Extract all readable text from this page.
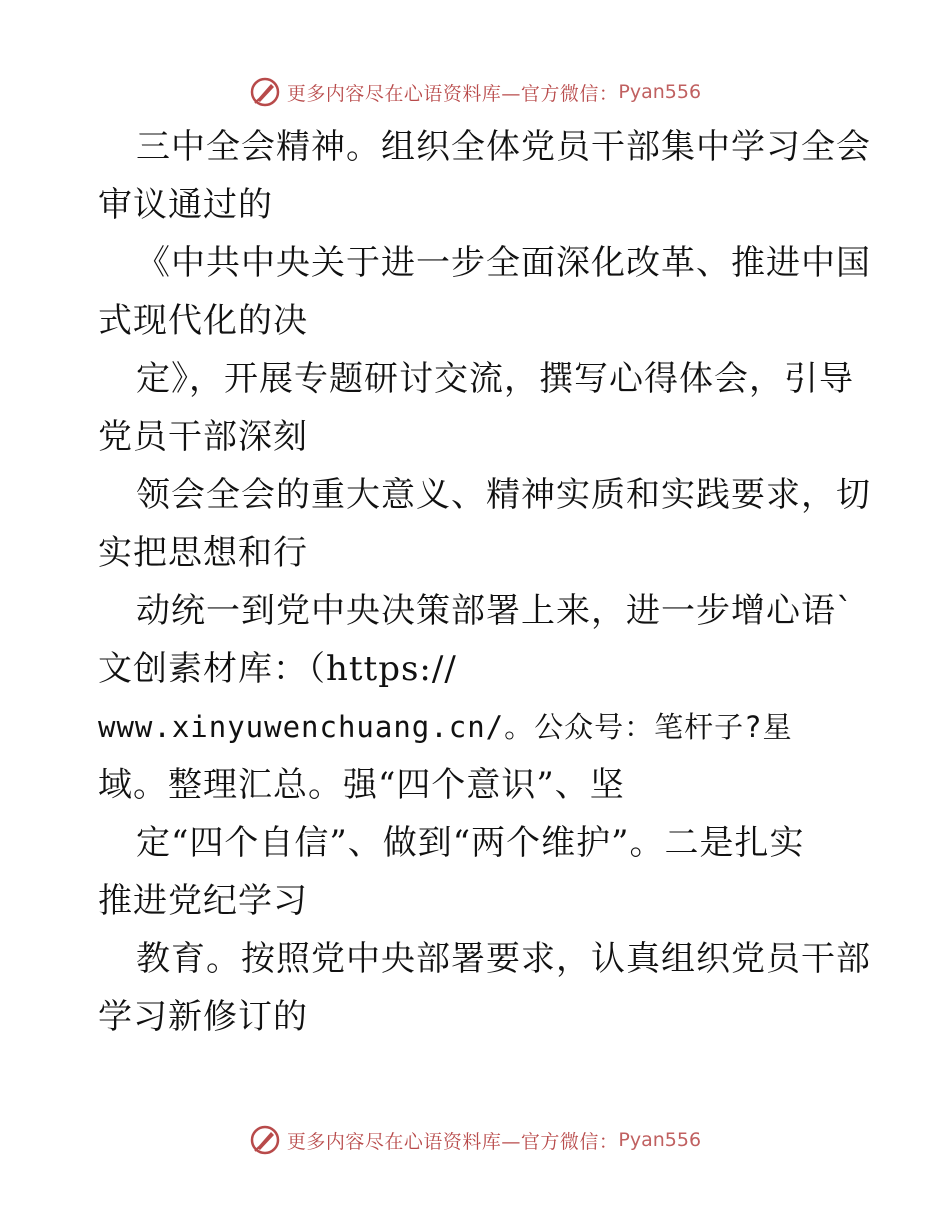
更多内容尽在心语资料库—官方微信： Pyan556
三中全会精神。组织全体党员干部集中学习全会
审议通过的
《中共中央关于进一步全面深化改革、推进中国
式现代化的决
定》，开展专题研讨交流，撰写心得体会，引导
党员干部深刻
领会全会的重大意义、精神实质和实践要求，切
实把思想和行
动统一到党中央决策部署上来，进一步增心语`
文创素材库：（https://
www.xinyuwenchuang.cn/。公众号：笔杆子?星
域。整理汇总。强“四个意识”、坚
定“四个自信”、做到“两个维护”。二是扎实
推进党纪学习
教育。按照党中央部署要求，认真组织党员干部
学习新修订的
更多内容尽在心语资料库—官方微信： Pyan556
